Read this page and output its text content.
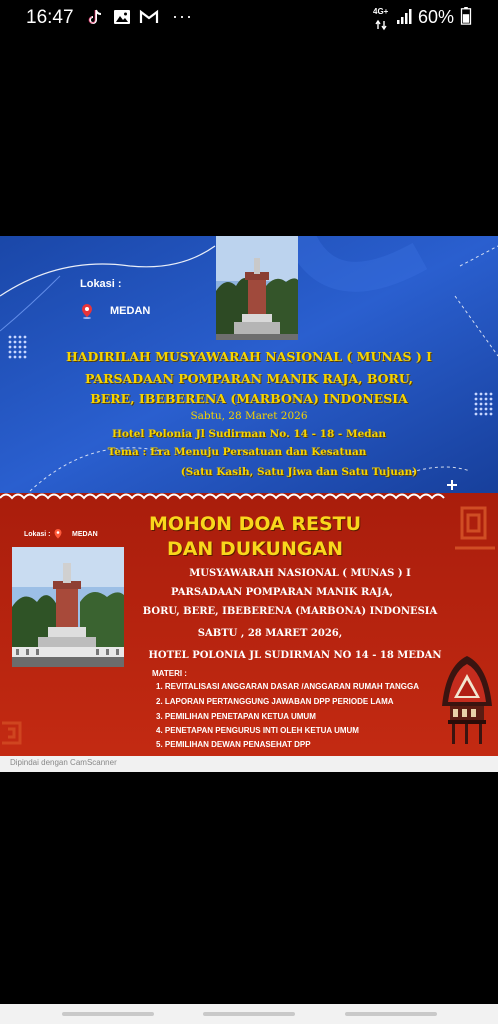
16:47	···	4G+ 60%
Lokasi :
MEDAN
HADIRILAH MUSYAWARAH NASIONAL ( MUNAS ) I
PARSADAAN POMPARAN MANIK RAJA, BORU,
BERE, IBEBERENA (MARBONA) INDONESIA
Sabtu, 28 Maret 2026
Hotel Polonia Jl Sudirman No. 14 - 18 - Medan
Tema : Era Menuju Persatuan dan Kesatuan
(Satu Kasih, Satu Jiwa dan Satu Tujuan)
Lokasi :	MEDAN	MOHON DOA RESTU
DAN DUKUNGAN
MUSYAWARAH NASIONAL ( MUNAS ) I
PARSADAAN POMPARAN MANIK RAJA,
BORU, BERE, IBEBERENA (MARBONA) INDONESIA
SABTU , 28 MARET 2026,
HOTEL POLONIA JL SUDIRMAN NO 14 - 18 MEDAN
MATERI :
1. REVITALISASI ANGGARAN DASAR /ANGGARAN RUMAH TANGGA
2. LAPORAN PERTANGGUNG JAWABAN DPP PERIODE LAMA
3. PEMILIHAN PENETAPAN KETUA UMUM
4. PENETAPAN PENGURUS INTI OLEH KETUA UMUM
5. PEMILIHAN DEWAN PENASEHAT DPP
Dipindai dengan CamScanner
